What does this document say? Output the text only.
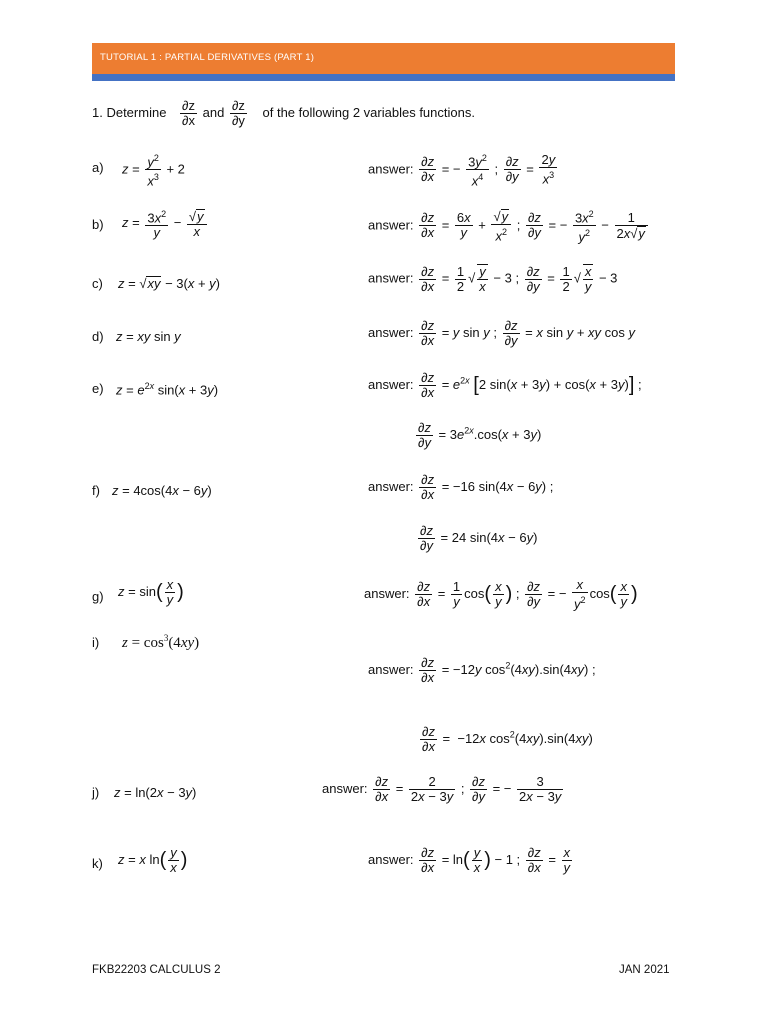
TUTORIAL 1 : PARTIAL DERIVATIVES (PART 1)
1. Determine $\frac{\partial z}{\partial x}$ and $\frac{\partial z}{\partial y}$ of the following 2 variables functions.
a) $z = \frac{y^2}{x^3} + 2$	answer: $\frac{\partial z}{\partial x}$ = − $\frac{3y^2}{x^4}$ ; $\frac{\partial z}{\partial y} = \frac{2y}{x^3}$
b) $z = \frac{3x^2}{y} - \frac{√y}{x}$	answer: $\frac{\partial z}{\partial x} = \frac{6x}{y} + \frac{√y}{x^2}$ ; $\frac{\partial z}{\partial y}$ = − $\frac{3x^2}{y^2} - \frac{1}{2x√y}$
c) z = √xy − 3(x + y)	answer: $\frac{\partial z}{\partial x} = \frac{1}{2}$ √ $\frac{y}{x} - 3$ ; $\frac{\partial z}{\partial y} = \frac{1}{2}$ √ $\frac{x}{y} - 3$
d) z = xy sin y	answer: $\frac{\partial z}{\partial x} = y$ sin y ; $\frac{\partial z}{\partial y} = x$ sin y + xy cos y
e) $z = e^{2x}$ sin(x + 3y)	answer: $\frac{\partial z}{\partial x} = e^{2x}$ [2 sin(x + 3y) + cos(x + 3y)] ;
$\frac{\partial z}{\partial y} = 3e^{2x}.\cos(x + 3y)$
f) z = 4cos(4x − 6y)	answer: $\frac{\partial z}{\partial x} = -16$ sin(4x − 6y) ;
$\frac{\partial z}{\partial y} = 24$ sin(4x − 6y)
g) $z = \sin( \frac{x}{y}$ )	answer: $\frac{\partial z}{\partial x} = \frac{1}{y} \cos( \frac{x}{y}$ ) ; $\frac{\partial z}{\partial y}$ = − $\frac{x}{y^2} \cos( \frac{x}{y}$ )
i) $z = \cos^3(4xy)$
answer: $\frac{\partial z}{\partial x} = -12y$ $\cos^2(4xy).\sin(4xy)$ ;
$\frac{\partial z}{\partial x} = -12x$ $\cos^2(4xy).\sin(4xy)$
j) z = ln(2x − 3y)	answer: $\frac{\partial z}{\partial x} = \frac{2}{2x - 3y}$ ; $\frac{\partial z}{\partial y}$ = − $\frac{3}{2x - 3y}$
k) z = x $\ln( \frac{y}{x}$ )	answer: $\frac{\partial z}{\partial x} = \ln( \frac{y}{x}$ ) − 1 ; $\frac{\partial z}{\partial x} = \frac{x}{y}$
FKB22203 CALCULUS 2	JAN 2021
